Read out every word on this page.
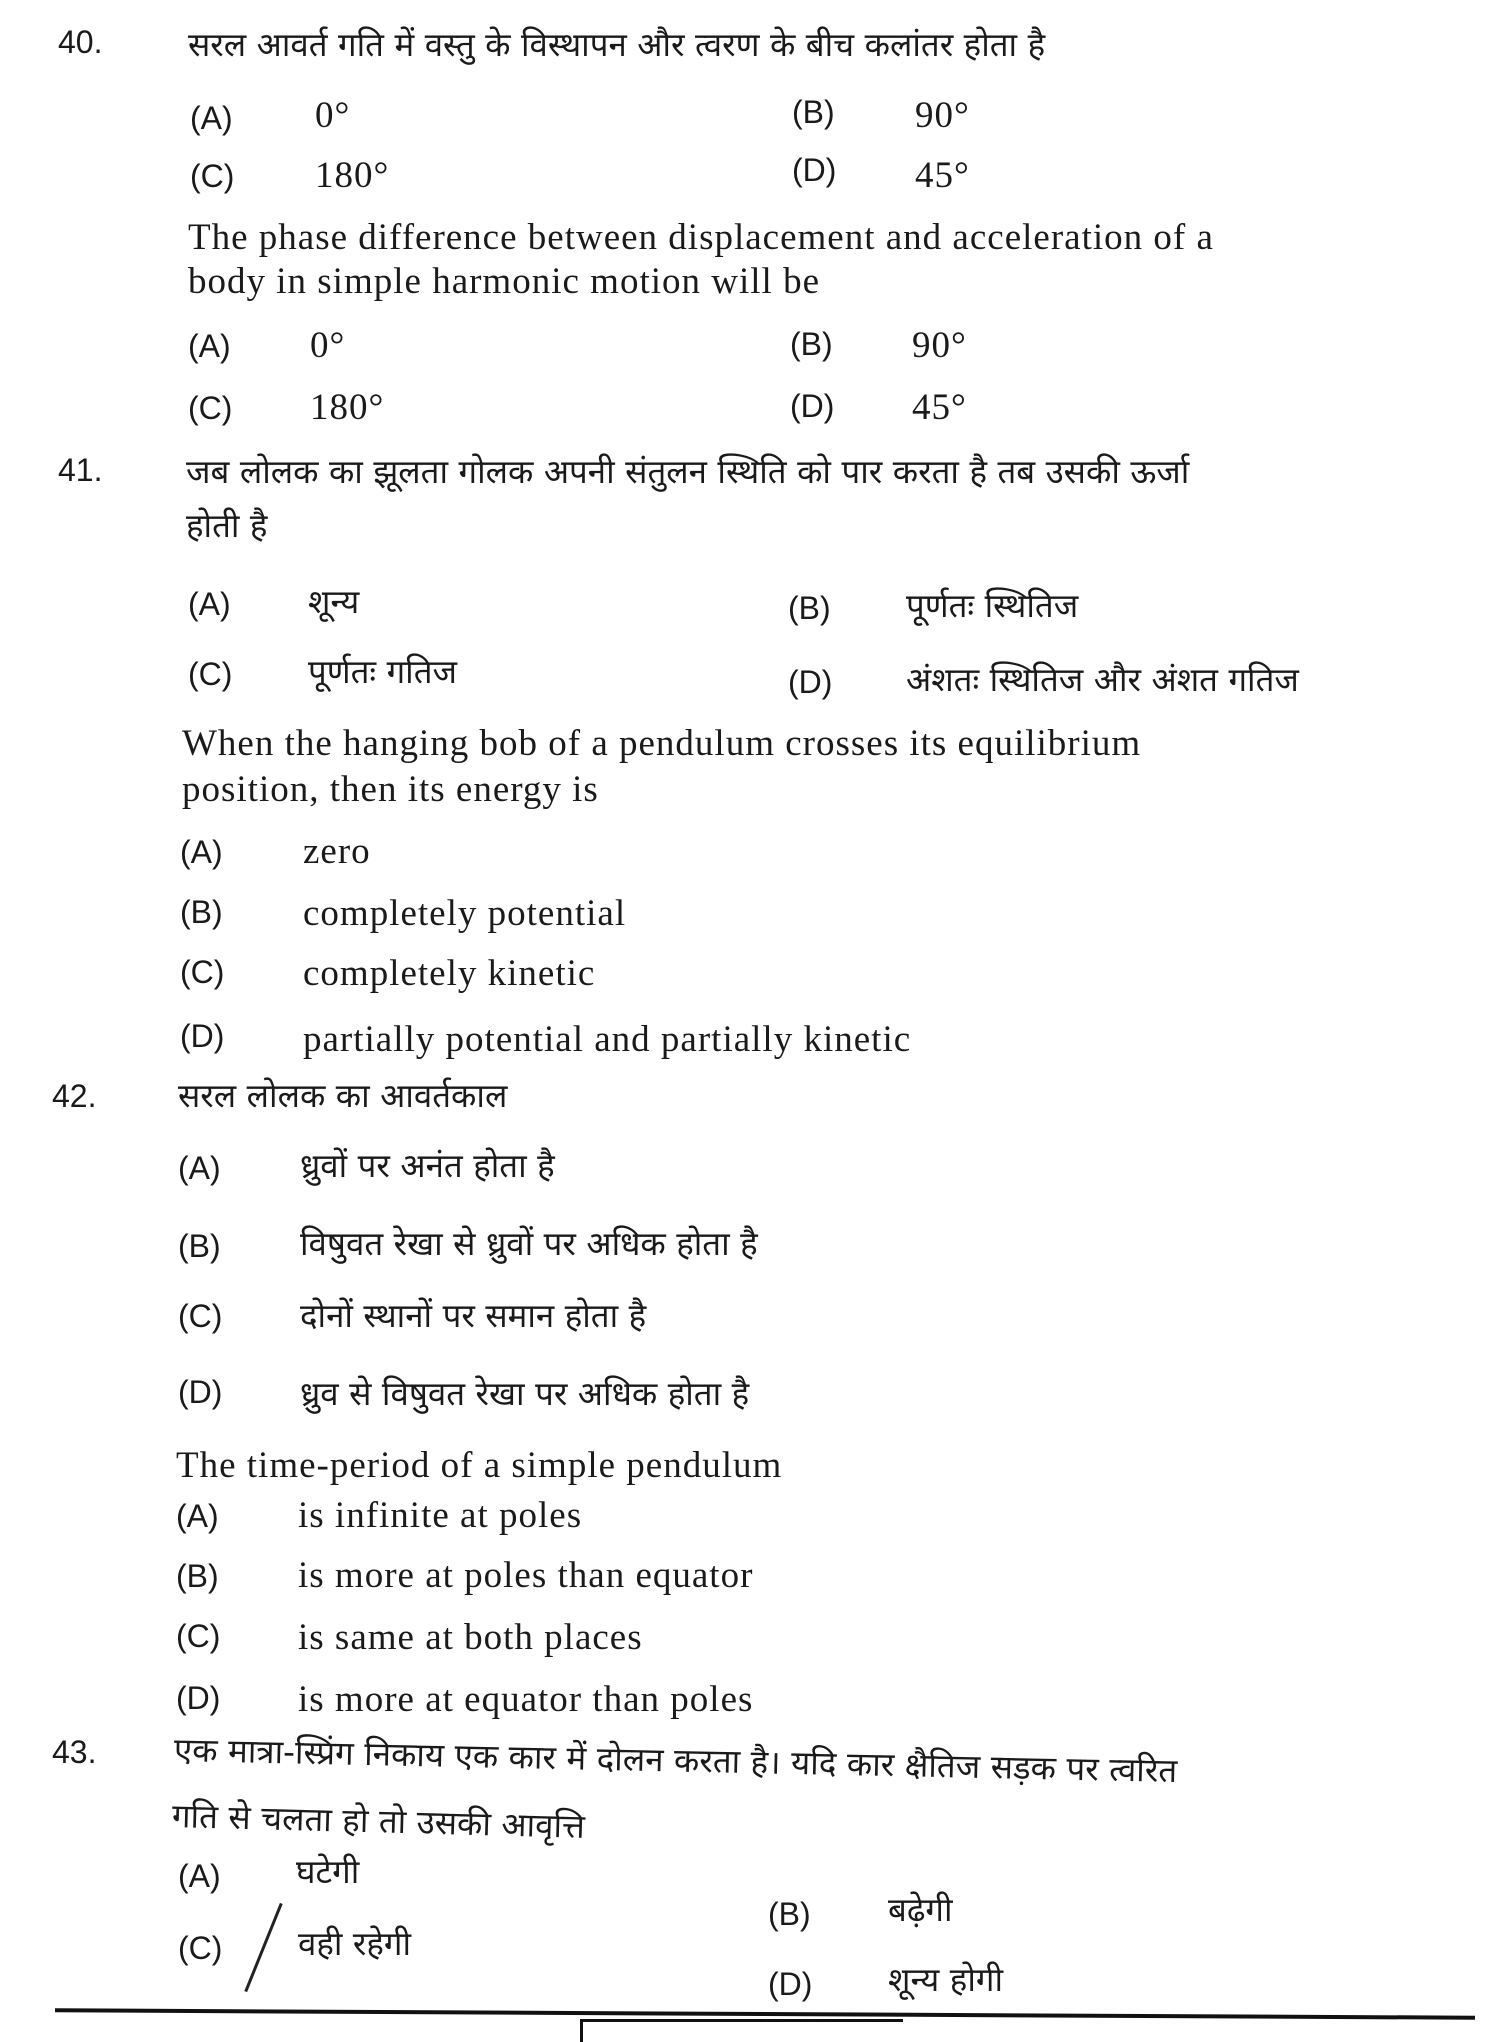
40.	सरल आवर्त गति में वस्तु के विस्थापन और त्वरण के बीच कलांतर होता है
(A) 0°	(B) 90°
(C) 180°	(D) 45°
The phase difference between displacement and acceleration of a
body in simple harmonic motion will be
(A) 0°	(B) 90°
(C) 180°	(D) 45°
41.	जब लोलक का झूलता गोलक अपनी संतुलन स्थिति को पार करता है तब उसकी ऊर्जा
होती है
(A) शून्य	(B) पूर्णतः स्थितिज
(C) पूर्णतः गतिज	(D) अंशतः स्थितिज और अंशत गतिज
When the hanging bob of a pendulum crosses its equilibrium
position, then its energy is
(A) zero
(B) completely potential
(C) completely kinetic
(D) partially potential and partially kinetic
42. सरल लोलक का आवर्तकाल
(A) ध्रुवों पर अनंत होता है
(B) विषुवत रेखा से ध्रुवों पर अधिक होता है
(C) दोनों स्थानों पर समान होता है
(D) ध्रुव से विषुवत रेखा पर अधिक होता है
The time-period of a simple pendulum
(A) is infinite at poles
(B) is more at poles than equator
(C) is same at both places
(D) is more at equator than poles
43. एक मात्रा-स्प्रिंग निकाय एक कार में दोलन करता है। यदि कार क्षैतिज सड़क पर त्वरित
गति से चलता हो तो उसकी आवृत्ति
(A) घटेगी
(B) बढ़ेगी
(C) वही रहेगी
(D) शून्य होगी
